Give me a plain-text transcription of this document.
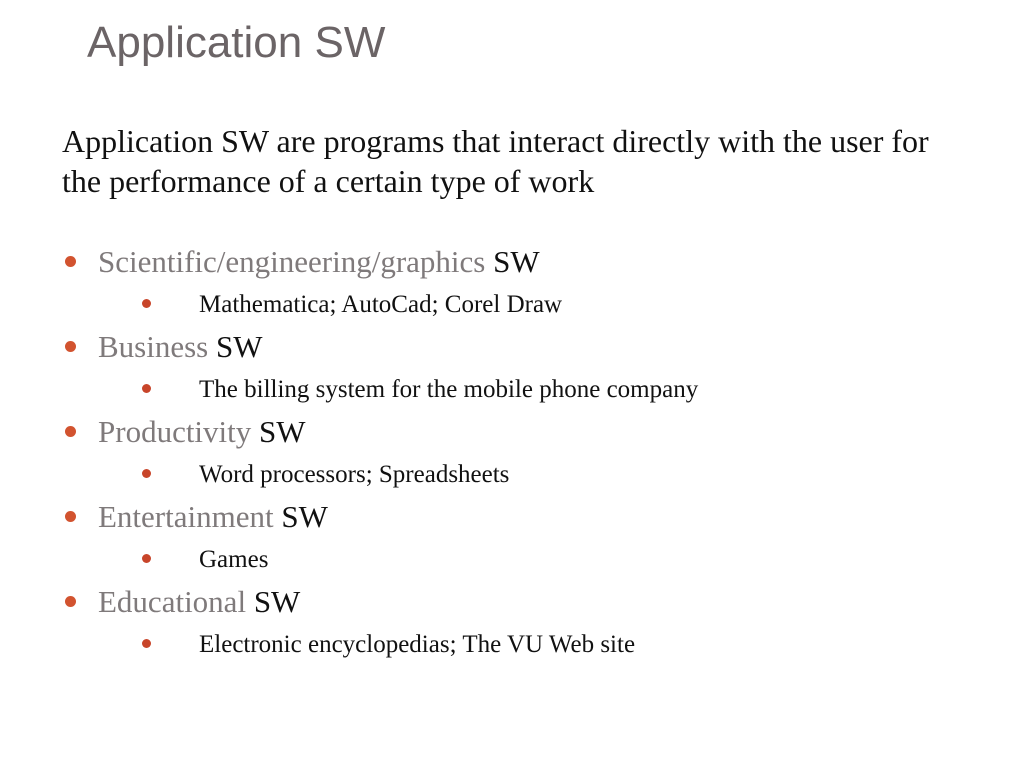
Application SW
Application SW are programs that interact directly with the user for the performance of a certain type of work
Scientific/engineering/graphics SW
Mathematica; AutoCad; Corel Draw
Business SW
The billing system for the mobile phone company
Productivity SW
Word processors; Spreadsheets
Entertainment SW
Games
Educational SW
Electronic encyclopedias; The VU Web site
